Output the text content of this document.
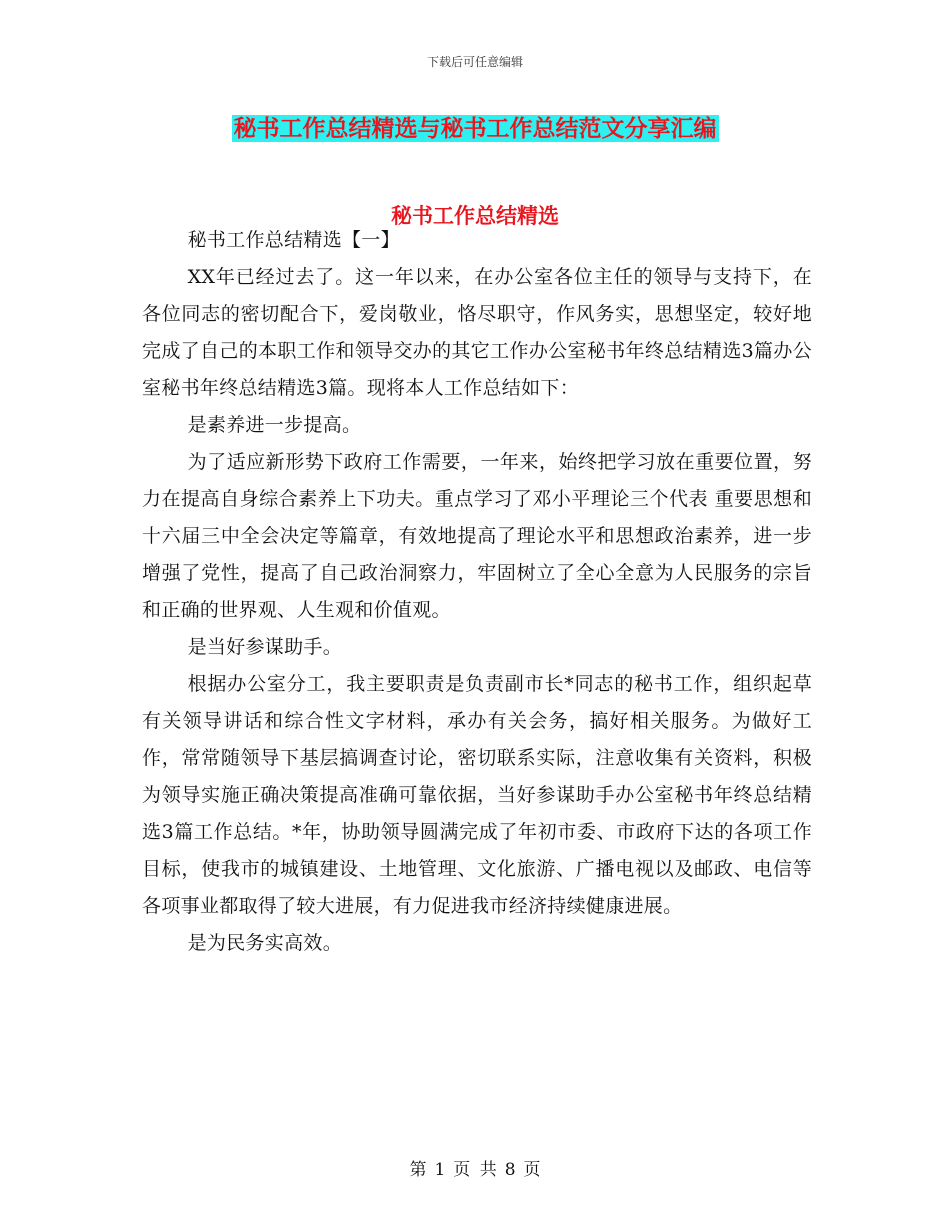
下载后可任意编辑
秘书工作总结精选与秘书工作总结范文分享汇编
秘书工作总结精选

秘书工作总结精选【一】

XX年已经过去了。这一年以来，在办公室各位主任的领导与支持下，在各位同志的密切配合下，爱岗敬业，恪尽职守，作风务实，思想坚定，较好地完成了自己的本职工作和领导交办的其它工作办公室秘书年终总结精选3篇办公室秘书年终总结精选3篇。现将本人工作总结如下：

是素养进一步提高。

为了适应新形势下政府工作需要，一年来，始终把学习放在重要位置，努力在提高自身综合素养上下功夫。重点学习了邓小平理论三个代表 重要思想和十六届三中全会决定等篇章，有效地提高了理论水平和思想政治素养，进一步增强了党性，提高了自己政治洞察力，牢固树立了全心全意为人民服务的宗旨和正确的世界观、人生观和价值观。

是当好参谋助手。

根据办公室分工，我主要职责是负责副市长*同志的秘书工作，组织起草有关领导讲话和综合性文字材料，承办有关会务，搞好相关服务。为做好工作，常常随领导下基层搞调查讨论，密切联系实际，注意收集有关资料，积极为领导实施正确决策提高准确可靠依据，当好参谋助手办公室秘书年终总结精选3篇工作总结。*年，协助领导圆满完成了年初市委、市政府下达的各项工作目标，使我市的城镇建设、土地管理、文化旅游、广播电视以及邮政、电信等各项事业都取得了较大进展，有力促进我市经济持续健康进展。

是为民务实高效。

第 1 页 共 8 页
